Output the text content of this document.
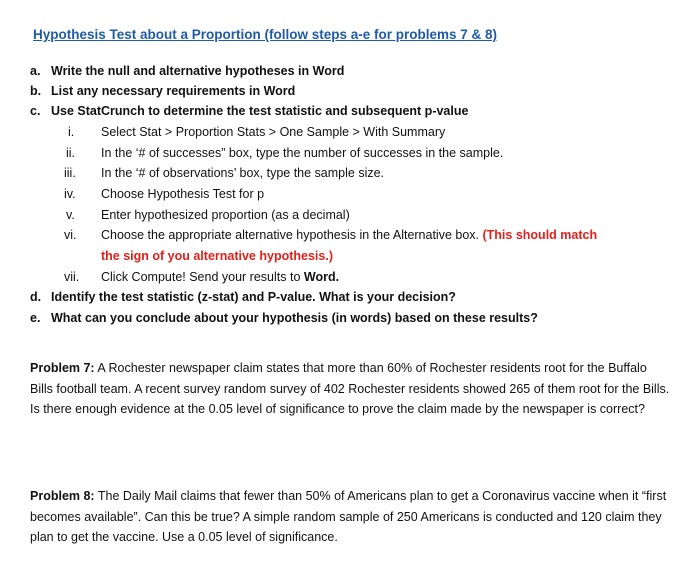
Hypothesis Test about a Proportion (follow steps a-e for problems 7 & 8)
a. Write the null and alternative hypotheses in Word
b. List any necessary requirements in Word
c. Use StatCrunch to determine the test statistic and subsequent p-value
i. Select Stat > Proportion Stats > One Sample > With Summary
ii. In the ‘# of successes” box, type the number of successes in the sample.
iii. In the ‘# of observations’ box, type the sample size.
iv. Choose Hypothesis Test for p
v. Enter hypothesized proportion (as a decimal)
vi. Choose the appropriate alternative hypothesis in the Alternative box. (This should match
the sign of you alternative hypothesis.)
vii. Click Compute! Send your results to Word.
d. Identify the test statistic (z-stat) and P-value. What is your decision?
e. What can you conclude about your hypothesis (in words) based on these results?
Problem 7: A Rochester newspaper claim states that more than 60% of Rochester residents root for the Buffalo Bills football team. A recent survey random survey of 402 Rochester residents showed 265 of them root for the Bills. Is there enough evidence at the 0.05 level of significance to prove the claim made by the newspaper is correct?
Problem 8: The Daily Mail claims that fewer than 50% of Americans plan to get a Coronavirus vaccine when it “first becomes available”. Can this be true? A simple random sample of 250 Americans is conducted and 120 claim they plan to get the vaccine. Use a 0.05 level of significance.
